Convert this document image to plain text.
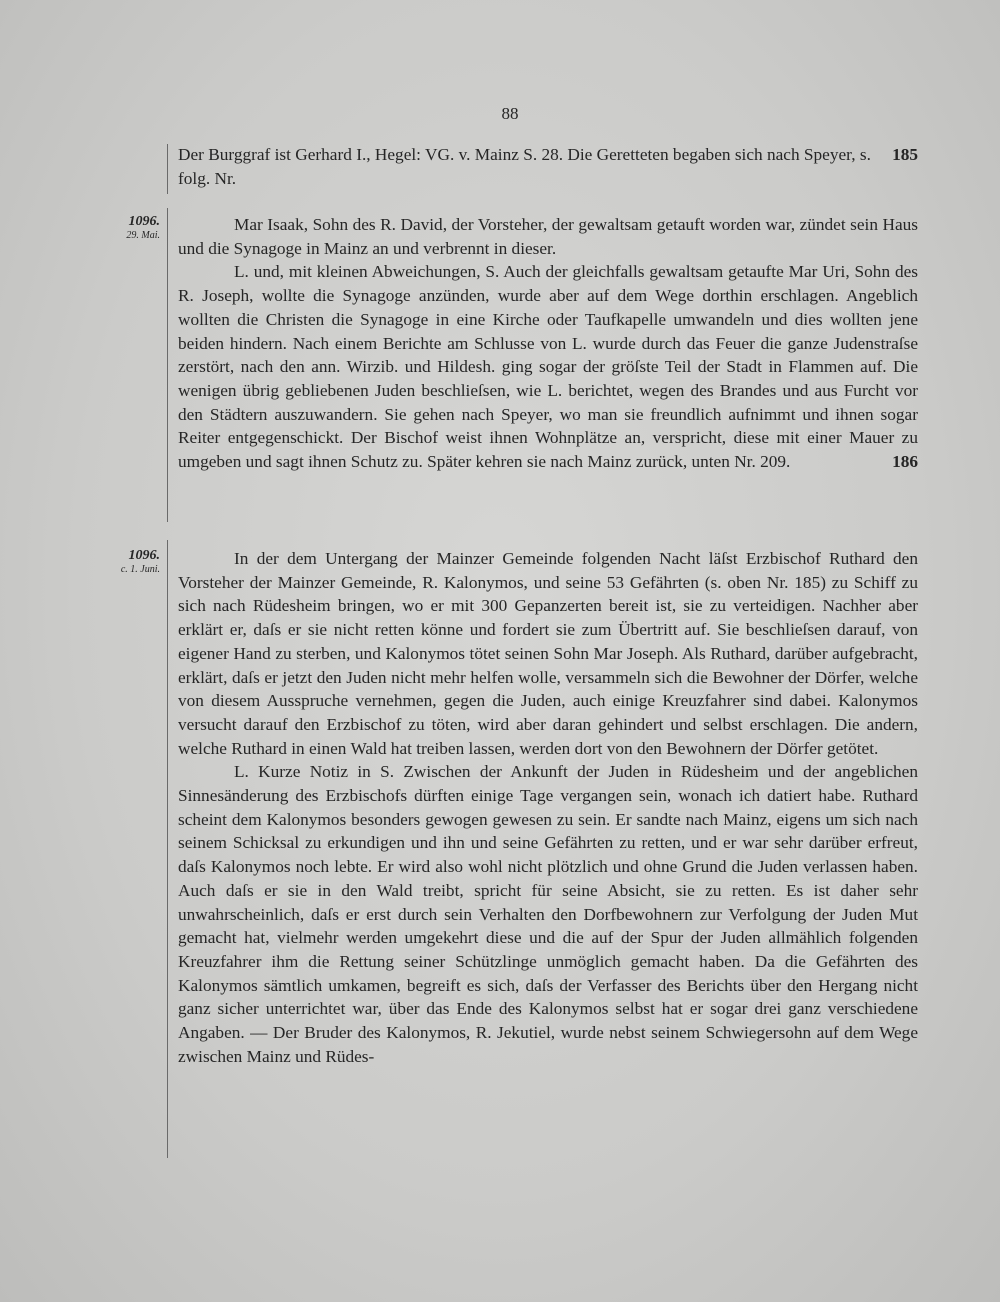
88
1096.
29. Mai.
1096.
c. 1. Juni.

185
Der Burggraf ist Gerhard I., Hegel: VG. v. Mainz S. 28. Die Geretteten begaben sich nach Speyer, s. folg. Nr.

Mar Isaak, Sohn des R. David, der Vorsteher, der gewaltsam getauft worden war, zündet sein Haus und die Synagoge in Mainz an und verbrennt in dieser.

L. und, mit kleinen Abweichungen, S. Auch der gleichfalls gewaltsam getaufte Mar Uri, Sohn des R. Joseph, wollte die Synagoge anzünden, wurde aber auf dem Wege dorthin erschlagen. Angeblich wollten die Christen die Synagoge in eine Kirche oder Taufkapelle umwandeln und dies wollten jene beiden hindern. Nach einem Berichte am Schlusse von L. wurde durch das Feuer die ganze Judenstraſse zerstört, nach den ann. Wirzib. und Hildesh. ging sogar der gröſste Teil der Stadt in Flammen auf. Die wenigen übrig gebliebenen Juden beschlieſsen, wie L. berichtet, wegen des Brandes und aus Furcht vor den Städtern auszuwandern. Sie gehen nach Speyer, wo man sie freundlich aufnimmt und ihnen sogar Reiter entgegenschickt. Der Bischof weist ihnen Wohnplätze an, verspricht, diese mit einer Mauer zu umgeben und sagt ihnen Schutz zu. Später kehren sie nach Mainz zurück, unten Nr. 209.	186

In der dem Untergang der Mainzer Gemeinde folgenden Nacht läſst Erzbischof Ruthard den Vorsteher der Mainzer Gemeinde, R. Kalonymos, und seine 53 Gefährten (s. oben Nr. 185) zu Schiff zu sich nach Rüdesheim bringen, wo er mit 300 Gepanzerten bereit ist, sie zu verteidigen. Nachher aber erklärt er, daſs er sie nicht retten könne und fordert sie zum Übertritt auf. Sie beschlieſsen darauf, von eigener Hand zu sterben, und Kalonymos tötet seinen Sohn Mar Joseph. Als Ruthard, darüber aufgebracht, erklärt, daſs er jetzt den Juden nicht mehr helfen wolle, versammeln sich die Bewohner der Dörfer, welche von diesem Ausspruche vernehmen, gegen die Juden, auch einige Kreuzfahrer sind dabei. Kalonymos versucht darauf den Erzbischof zu töten, wird aber daran gehindert und selbst erschlagen. Die andern, welche Ruthard in einen Wald hat treiben lassen, werden dort von den Bewohnern der Dörfer getötet.

L. Kurze Notiz in S. Zwischen der Ankunft der Juden in Rüdesheim und der angeblichen Sinnesänderung des Erzbischofs dürften einige Tage vergangen sein, wonach ich datiert habe. Ruthard scheint dem Kalonymos besonders gewogen gewesen zu sein. Er sandte nach Mainz, eigens um sich nach seinem Schicksal zu erkundigen und ihn und seine Gefährten zu retten, und er war sehr darüber erfreut, daſs Kalonymos noch lebte. Er wird also wohl nicht plötzlich und ohne Grund die Juden verlassen haben. Auch daſs er sie in den Wald treibt, spricht für seine Absicht, sie zu retten. Es ist daher sehr unwahrscheinlich, daſs er erst durch sein Verhalten den Dorfbewohnern zur Verfolgung der Juden Mut gemacht hat, vielmehr werden umgekehrt diese und die auf der Spur der Juden allmählich folgenden Kreuzfahrer ihm die Rettung seiner Schützlinge unmöglich gemacht haben. Da die Gefährten des Kalonymos sämtlich umkamen, begreift es sich, daſs der Verfasser des Berichts über den Hergang nicht ganz sicher unterrichtet war, über das Ende des Kalonymos selbst hat er sogar drei ganz verschiedene Angaben. — Der Bruder des Kalonymos, R. Jekutiel, wurde nebst seinem Schwiegersohn auf dem Wege zwischen Mainz und Rüdes-
